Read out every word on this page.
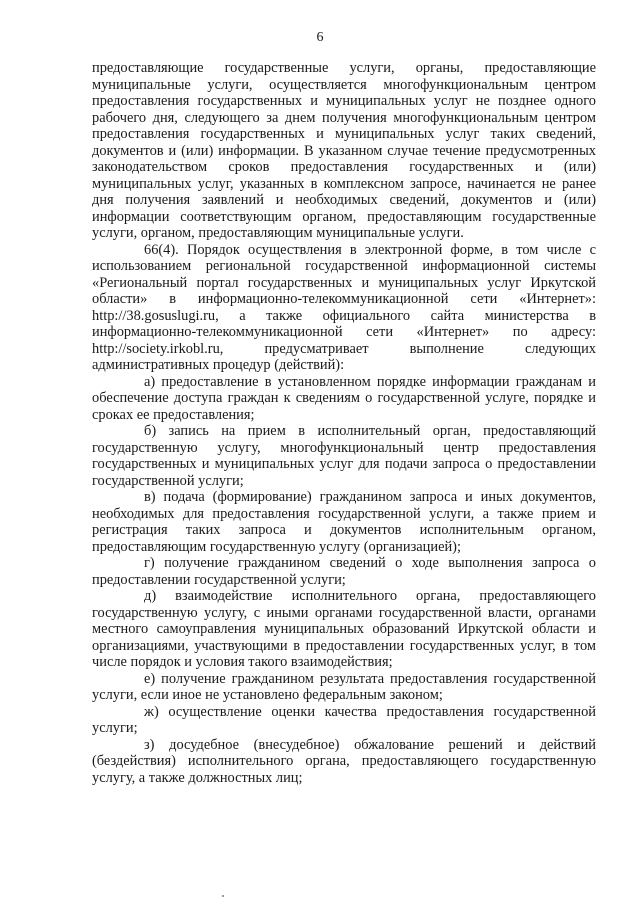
6

предоставляющие государственные услуги, органы, предоставляющие муниципальные услуги, осуществляется многофункциональным центром предоставления государственных и муниципальных услуг не позднее одного рабочего дня, следующего за днем получения многофункциональным центром предоставления государственных и муниципальных услуг таких сведений, документов и (или) информации. В указанном случае течение предусмотренных законодательством сроков предоставления государственных и (или) муниципальных услуг, указанных в комплексном запросе, начинается не ранее дня получения заявлений и необходимых сведений, документов и (или) информации соответствующим органом, предоставляющим государственные услуги, органом, предоставляющим муниципальные услуги.

66(4). Порядок осуществления в электронной форме, в том числе с использованием региональной государственной информационной системы «Региональный портал государственных и муниципальных услуг Иркутской области» в информационно-телекоммуникационной сети «Интернет»: http://38.gosuslugi.ru, а также официального сайта министерства в информационно-телекоммуникационной сети «Интернет» по адресу: http://society.irkobl.ru, предусматривает выполнение следующих административных процедур (действий):

а) предоставление в установленном порядке информации гражданам и обеспечение доступа граждан к сведениям о государственной услуге, порядке и сроках ее предоставления;

б) запись на прием в исполнительный орган, предоставляющий государственную услугу, многофункциональный центр предоставления государственных и муниципальных услуг для подачи запроса о предоставлении государственной услуги;

в) подача (формирование) гражданином запроса и иных документов, необходимых для предоставления государственной услуги, а также прием и регистрация таких запроса и документов исполнительным органом, предоставляющим государственную услугу (организацией);

г) получение гражданином сведений о ходе выполнения запроса о предоставлении государственной услуги;

д) взаимодействие исполнительного органа, предоставляющего государственную услугу, с иными органами государственной власти, органами местного самоуправления муниципальных образований Иркутской области и организациями, участвующими в предоставлении государственных услуг, в том числе порядок и условия такого взаимодействия;

е) получение гражданином результата предоставления государственной услуги, если иное не установлено федеральным законом;

ж) осуществление оценки качества предоставления государственной услуги;

з) досудебное (внесудебное) обжалование решений и действий (бездействия) исполнительного органа, предоставляющего государственную услугу, а также должностных лиц;
